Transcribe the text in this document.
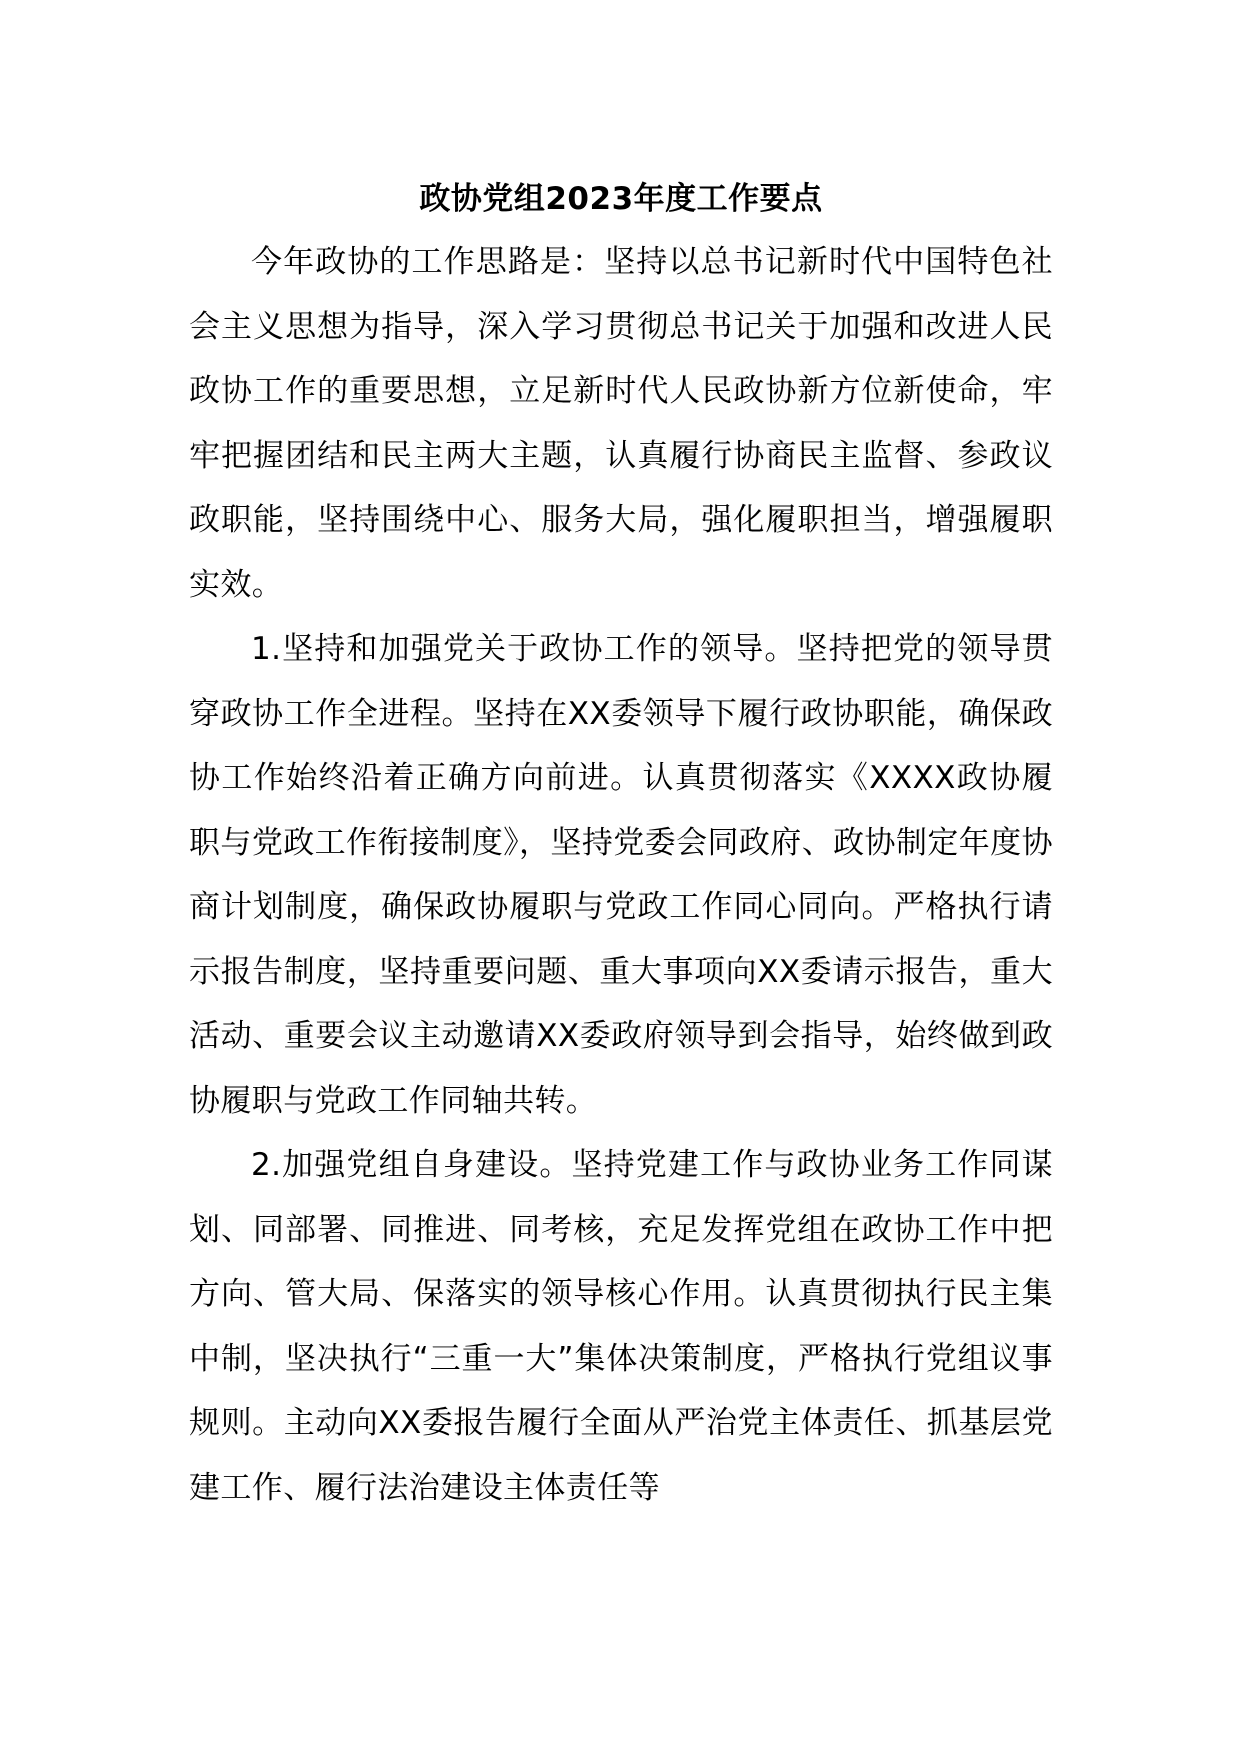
政协党组2023年度工作要点

今年政协的工作思路是：坚持以总书记新时代中国特色社会主义思想为指导，深入学习贯彻总书记关于加强和改进人民政协工作的重要思想，立足新时代人民政协新方位新使命，牢牢把握团结和民主两大主题，认真履行协商民主监督、参政议政职能，坚持围绕中心、服务大局，强化履职担当，增强履职实效。

1.坚持和加强党关于政协工作的领导。坚持把党的领导贯穿政协工作全进程。坚持在XX委领导下履行政协职能，确保政协工作始终沿着正确方向前进。认真贯彻落实《XXXX政协履职与党政工作衔接制度》，坚持党委会同政府、政协制定年度协商计划制度，确保政协履职与党政工作同心同向。严格执行请示报告制度，坚持重要问题、重大事项向XX委请示报告，重大活动、重要会议主动邀请XX委政府领导到会指导，始终做到政协履职与党政工作同轴共转。

2.加强党组自身建设。坚持党建工作与政协业务工作同谋划、同部署、同推进、同考核，充足发挥党组在政协工作中把方向、管大局、保落实的领导核心作用。认真贯彻执行民主集中制，坚决执行“三重一大”集体决策制度，严格执行党组议事规则。主动向XX委报告履行全面从严治党主体责任、抓基层党建工作、履行法治建设主体责任等
